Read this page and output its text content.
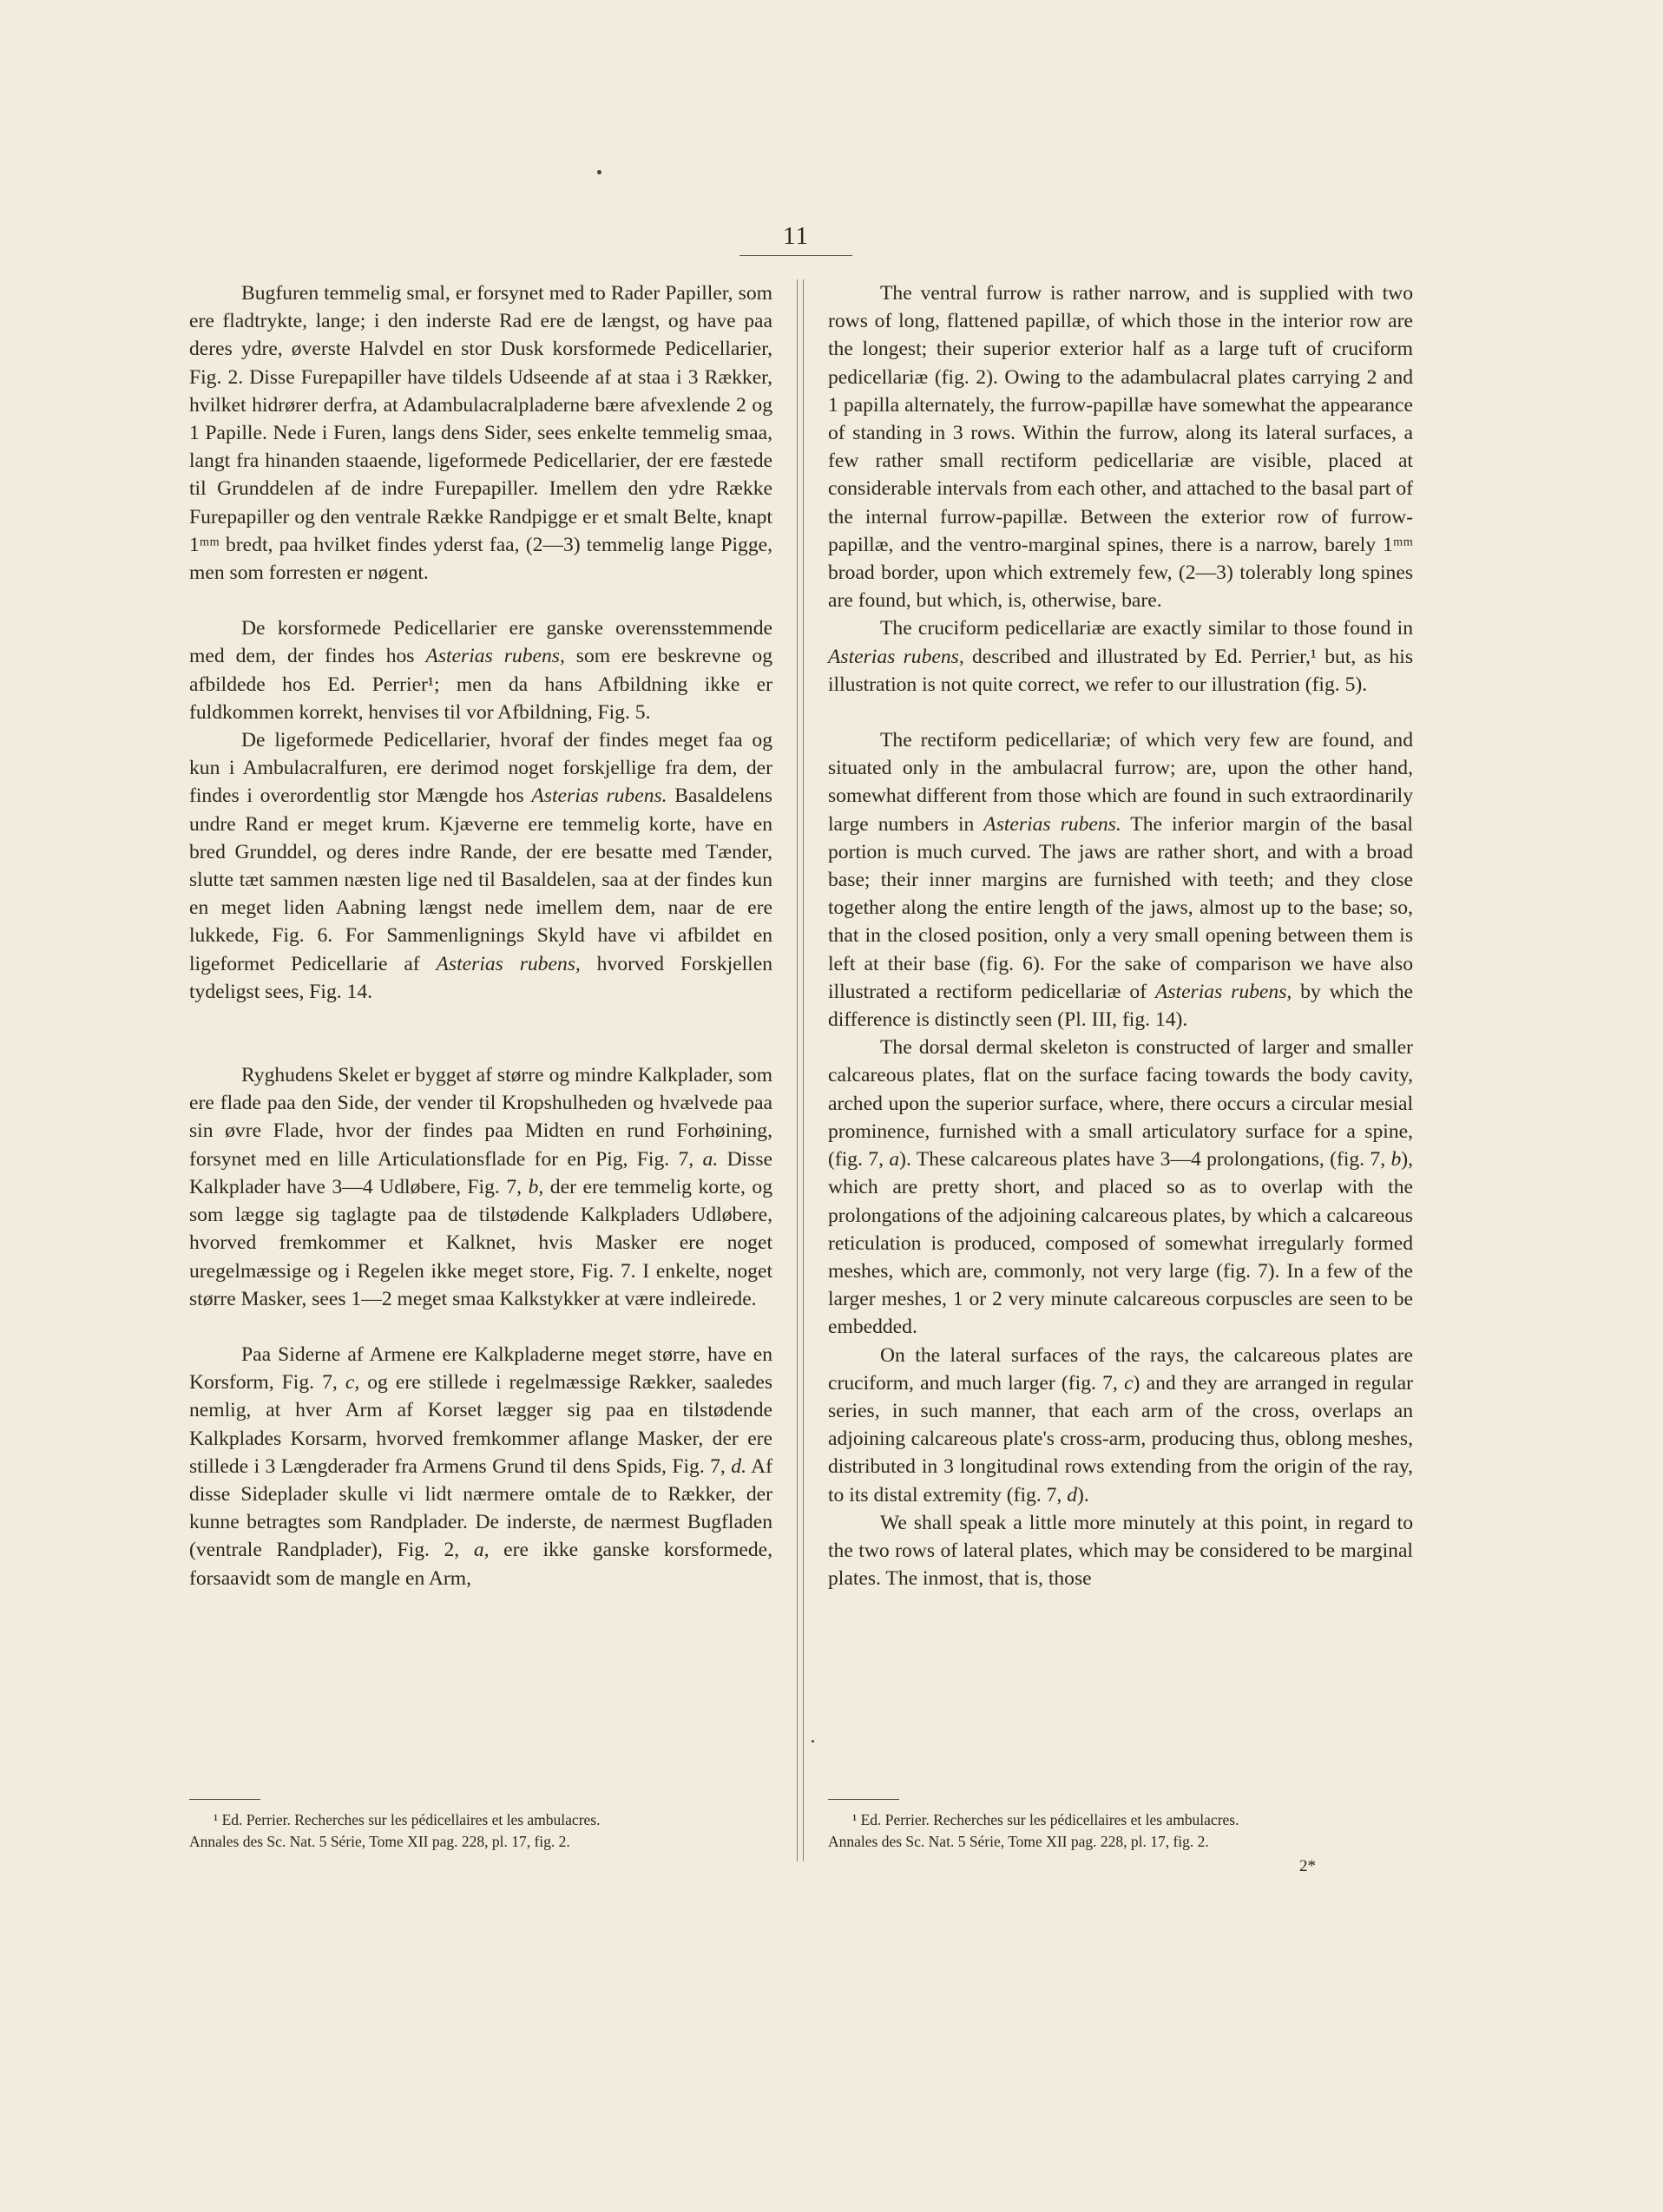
11

Bugfuren temmelig smal, er forsynet med to Rader Papiller, som ere fladtrykte, lange; i den inderste Rad ere de længst, og have paa deres ydre, øverste Halvdel en stor Dusk korsformede Pedicellarier, Fig. 2. Disse Furepapiller have tildels Udseende af at staa i 3 Rækker, hvilket hidrører derfra, at Adambulacralpladerne bære afvexlende 2 og 1 Papille. Nede i Furen, langs dens Sider, sees enkelte temmelig smaa, langt fra hinanden staaende, ligeformede Pedicellarier, der ere fæstede til Grunddelen af de indre Furepapiller. Imellem den ydre Række Furepapiller og den ventrale Række Randpigge er et smalt Belte, knapt 1ᵐᵐ bredt, paa hvilket findes yderst faa, (2—3) temmelig lange Pigge, men som forresten er nøgent.

De korsformede Pedicellarier ere ganske overensstemmende med dem, der findes hos Asterias rubens, som ere beskrevne og afbildede hos Ed. Perrier¹; men da hans Afbildning ikke er fuldkommen korrekt, henvises til vor Afbildning, Fig. 5.

De ligeformede Pedicellarier, hvoraf der findes meget faa og kun i Ambulacralfuren, ere derimod noget forskjellige fra dem, der findes i overordentlig stor Mængde hos Asterias rubens. Basaldelens undre Rand er meget krum. Kjæverne ere temmelig korte, have en bred Grunddel, og deres indre Rande, der ere besatte med Tænder, slutte tæt sammen næsten lige ned til Basaldelen, saa at der findes kun en meget liden Aabning længst nede imellem dem, naar de ere lukkede, Fig. 6. For Sammenlignings Skyld have vi afbildet en ligeformet Pedicellarie af Asterias rubens, hvorved Forskjellen tydeligst sees, Fig. 14.

Ryghudens Skelet er bygget af større og mindre Kalkplader, som ere flade paa den Side, der vender til Kropshulheden og hvælvede paa sin øvre Flade, hvor der findes paa Midten en rund Forhøining, forsynet med en lille Articulationsflade for en Pig, Fig. 7, a. Disse Kalkplader have 3—4 Udløbere, Fig. 7, b, der ere temmelig korte, og som lægge sig taglagte paa de tilstødende Kalkpladers Udløbere, hvorved fremkommer et Kalknet, hvis Masker ere noget uregelmæssige og i Regelen ikke meget store, Fig. 7. I enkelte, noget større Masker, sees 1—2 meget smaa Kalkstykker at være indleirede.

Paa Siderne af Armene ere Kalkpladerne meget større, have en Korsform, Fig. 7, c, og ere stillede i regelmæssige Rækker, saaledes nemlig, at hver Arm af Korset lægger sig paa en tilstødende Kalkplades Korsarm, hvorved fremkommer aflange Masker, der ere stillede i 3 Længderader fra Armens Grund til dens Spids, Fig. 7, d. Af disse Sideplader skulle vi lidt nærmere omtale de to Rækker, der kunne betragtes som Randplader. De inderste, de nærmest Bugfladen (ventrale Randplader), Fig. 2, a, ere ikke ganske korsformede, forsaavidt som de mangle en Arm,

The ventral furrow is rather narrow, and is supplied with two rows of long, flattened papillæ, of which those in the interior row are the longest; their superior exterior half as a large tuft of cruciform pedicellariæ (fig. 2). Owing to the adambulacral plates carrying 2 and 1 papilla alternately, the furrow-papillæ have somewhat the appearance of standing in 3 rows. Within the furrow, along its lateral surfaces, a few rather small rectiform pedicellariæ are visible, placed at considerable intervals from each other, and attached to the basal part of the internal furrow-papillæ. Between the exterior row of furrow-papillæ, and the ventro-marginal spines, there is a narrow, barely 1ᵐᵐ broad border, upon which extremely few, (2—3) tolerably long spines are found, but which, is, otherwise, bare.

The cruciform pedicellariæ are exactly similar to those found in Asterias rubens, described and illustrated by Ed. Perrier,¹ but, as his illustration is not quite correct, we refer to our illustration (fig. 5).

The rectiform pedicellariæ; of which very few are found, and situated only in the ambulacral furrow; are, upon the other hand, somewhat different from those which are found in such extraordinarily large numbers in Asterias rubens. The inferior margin of the basal portion is much curved. The jaws are rather short, and with a broad base; their inner margins are furnished with teeth; and they close together along the entire length of the jaws, almost up to the base; so, that in the closed position, only a very small opening between them is left at their base (fig. 6). For the sake of comparison we have also illustrated a rectiform pedicellariæ of Asterias rubens, by which the difference is distinctly seen (Pl. III, fig. 14).

The dorsal dermal skeleton is constructed of larger and smaller calcareous plates, flat on the surface facing towards the body cavity, arched upon the superior surface, where, there occurs a circular mesial prominence, furnished with a small articulatory surface for a spine, (fig. 7, a). These calcareous plates have 3—4 prolongations, (fig. 7, b), which are pretty short, and placed so as to overlap with the prolongations of the adjoining calcareous plates, by which a calcareous reticulation is produced, composed of somewhat irregularly formed meshes, which are, commonly, not very large (fig. 7). In a few of the larger meshes, 1 or 2 very minute calcareous corpuscles are seen to be embedded.

On the lateral surfaces of the rays, the calcareous plates are cruciform, and much larger (fig. 7, c) and they are arranged in regular series, in such manner, that each arm of the cross, overlaps an adjoining calcareous plate's cross-arm, producing thus, oblong meshes, distributed in 3 longitudinal rows extending from the origin of the ray, to its distal extremity (fig. 7, d).

We shall speak a little more minutely at this point, in regard to the two rows of lateral plates, which may be considered to be marginal plates. The inmost, that is, those

¹ Ed. Perrier. Recherches sur les pédicellaires et les ambulacres.
Annales des Sc. Nat. 5 Série, Tome XII pag. 228, pl. 17, fig. 2.
¹ Ed. Perrier. Recherches sur les pédicellaires et les ambulacres.
Annales des Sc. Nat. 5 Série, Tome XII pag. 228, pl. 17, fig. 2.
2*
